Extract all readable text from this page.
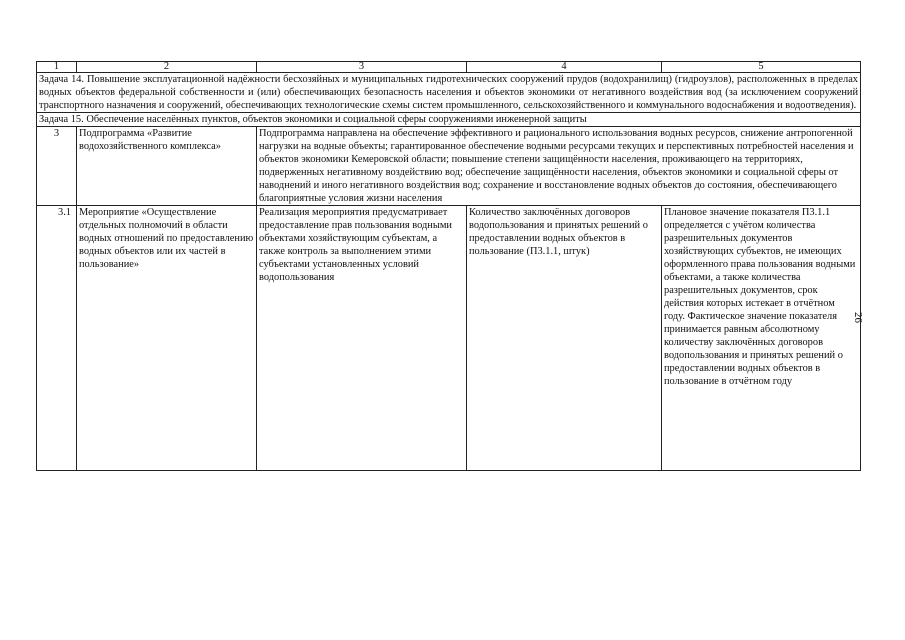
1	2	3	4	5
Задача 14. Повышение эксплуатационной надёжности бесхозяйных и муниципальных гидротехнических сооружений прудов (водохранилищ) (гидроузлов), расположенных в пределах водных объектов федеральной собственности и (или) обеспечивающих безопасность населения и объектов экономики от негативного воздействия вод (за исключением сооружений транспортного назначения и сооружений, обеспечивающих технологические схемы систем промышленного, сельскохозяйственного и коммунального водоснабжения и водоотведения).				
Задача 15. Обеспечение населённых пунктов, объектов экономики и социальной сферы сооружениями инженерной защиты				
3	Подпрограмма «Развитие водохозяйственного комплекса»	Подпрограмма направлена на обеспечение эффективного и рационального использования водных ресурсов, снижение антропогенной нагрузки на водные объекты; гарантированное обеспечение водными ресурсами текущих и перспективных потребностей населения и объектов экономики Кемеровской области; повышение степени защищённости населения, проживающего на территориях, подверженных негативному воздействию вод; обеспечение защищённости населения, объектов экономики и социальной сферы от наводнений и иного негативного воздействия вод; сохранение и восстановление водных объектов до состояния, обеспечивающего благоприятные условия жизни населения		
3.1	Мероприятие «Осуществление отдельных полномочий в области водных отношений по предоставлению водных объектов или их частей в пользование»	Реализация мероприятия предусматривает предоставление прав пользования водными объектами хозяйствующим субъектам, а также контроль за выполнением этими субъектами установленных условий водопользования	Количество заключённых договоров водопользования и принятых решений о предоставлении водных объектов в пользование (П3.1.1, штук)	Плановое значение показателя П3.1.1 определяется с учётом количества разрешительных документов хозяйствующих субъектов, не имеющих оформленного права пользования водными объектами, а также количества разрешительных документов, срок действия которых истекает в отчётном году. Фактическое значение показателя принимается равным абсолютному количеству заключённых договоров водопользования и принятых решений о предоставлении водных объектов в пользование в отчётном году
26
